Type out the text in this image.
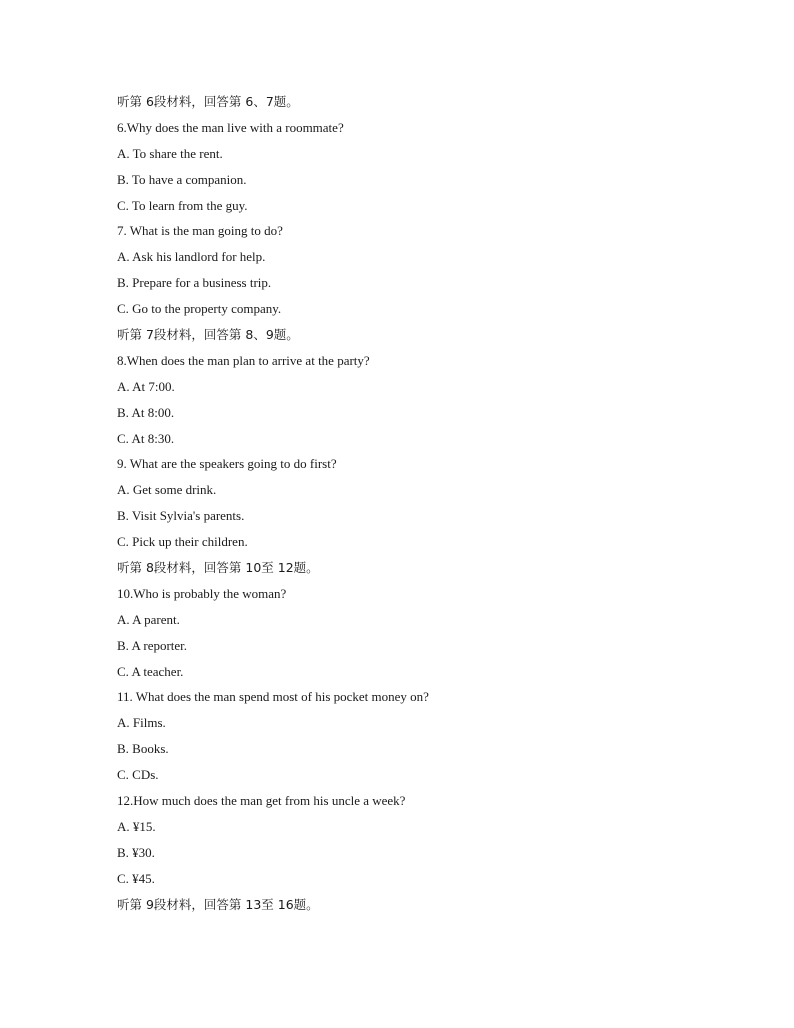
听第 6段材料，回答第 6、7题。
6.Why does the man live with a roommate?
A. To share the rent.
B. To have a companion.
C. To learn from the guy.
7. What is the man going to do?
A. Ask his landlord for help.
B. Prepare for a business trip.
C. Go to the property company.
听第 7段材料，回答第 8、9题。
8.When does the man plan to arrive at the party?
A. At 7:00.
B. At 8:00.
C. At 8:30.
9. What are the speakers going to do first?
A. Get some drink.
B. Visit Sylvia's parents.
C. Pick up their children.
听第 8段材料，回答第 10至 12题。
10.Who is probably the woman?
A. A parent.
B. A reporter.
C. A teacher.
11. What does the man spend most of his pocket money on?
A. Films.
B. Books.
C. CDs.
12.How much does the man get from his uncle a week?
A. ¥15.
B. ¥30.
C. ¥45.
听第 9段材料，回答第 13至 16题。
